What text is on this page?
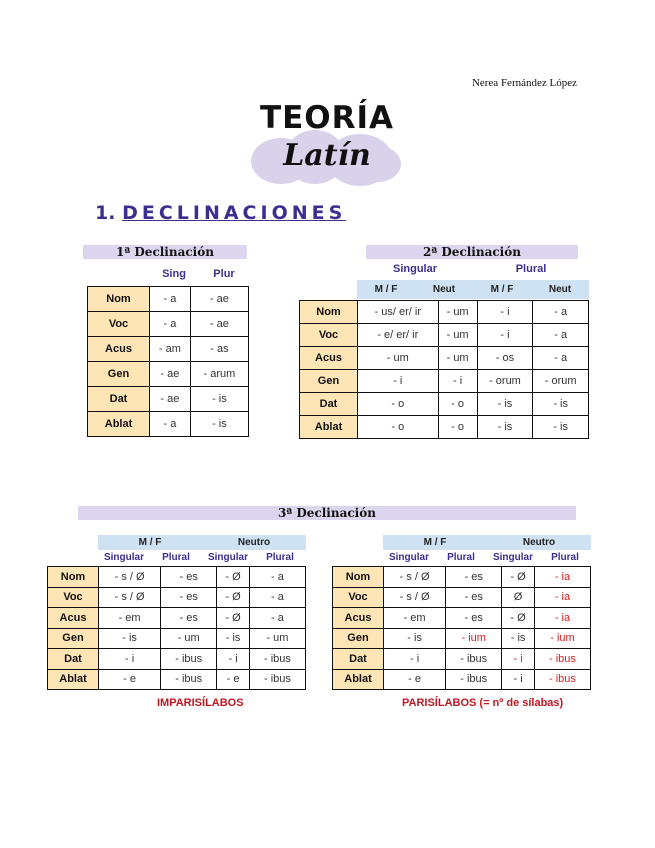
Nerea Fernández López
TEORÍA
Latín
1. DECLINACIONES
1ª Declinación
Sing	Plur
Nom	- a	- ae
Voc	- a	- ae
Acus	- am	- as
Gen	- ae	- arum
Dat	- ae	- is
Ablat	- a	- is
2ª Declinación
Singular	Plural
M / F	Neut	M / F	Neut
Nom	- us/ er/ ir	- um	- i	- a
Voc	- e/ er/ ir	- um	- i	- a
Acus	- um	- um	- os	- a
Gen	- i	- i	- orum	- orum
Dat	- o	- o	- is	- is
Ablat	- o	- o	- is	- is
3ª Declinación
M / F	Neutro
Singular	Plural	Singular	Plural
Nom	- s / Ø	- es	- Ø	- a
Voc	- s / Ø	- es	- Ø	- a
Acus	- em	- es	- Ø	- a
Gen	- is	- um	- is	- um
Dat	- i	- ibus	- i	- ibus
Ablat	- e	- ibus	- e	- ibus
IMPARISÍLABOS
M / F	Neutro
Singular	Plural	Singular	Plural
Nom	- s / Ø	- es	- Ø	- ia
Voc	- s / Ø	- es	Ø	- ia
Acus	- em	- es	- Ø	- ia
Gen	- is	- ium	- is	- ium
Dat	- i	- ibus	- i	- ibus
Ablat	- e	- ibus	- i	- ibus
PARISÍLABOS (= nº de sílabas)
